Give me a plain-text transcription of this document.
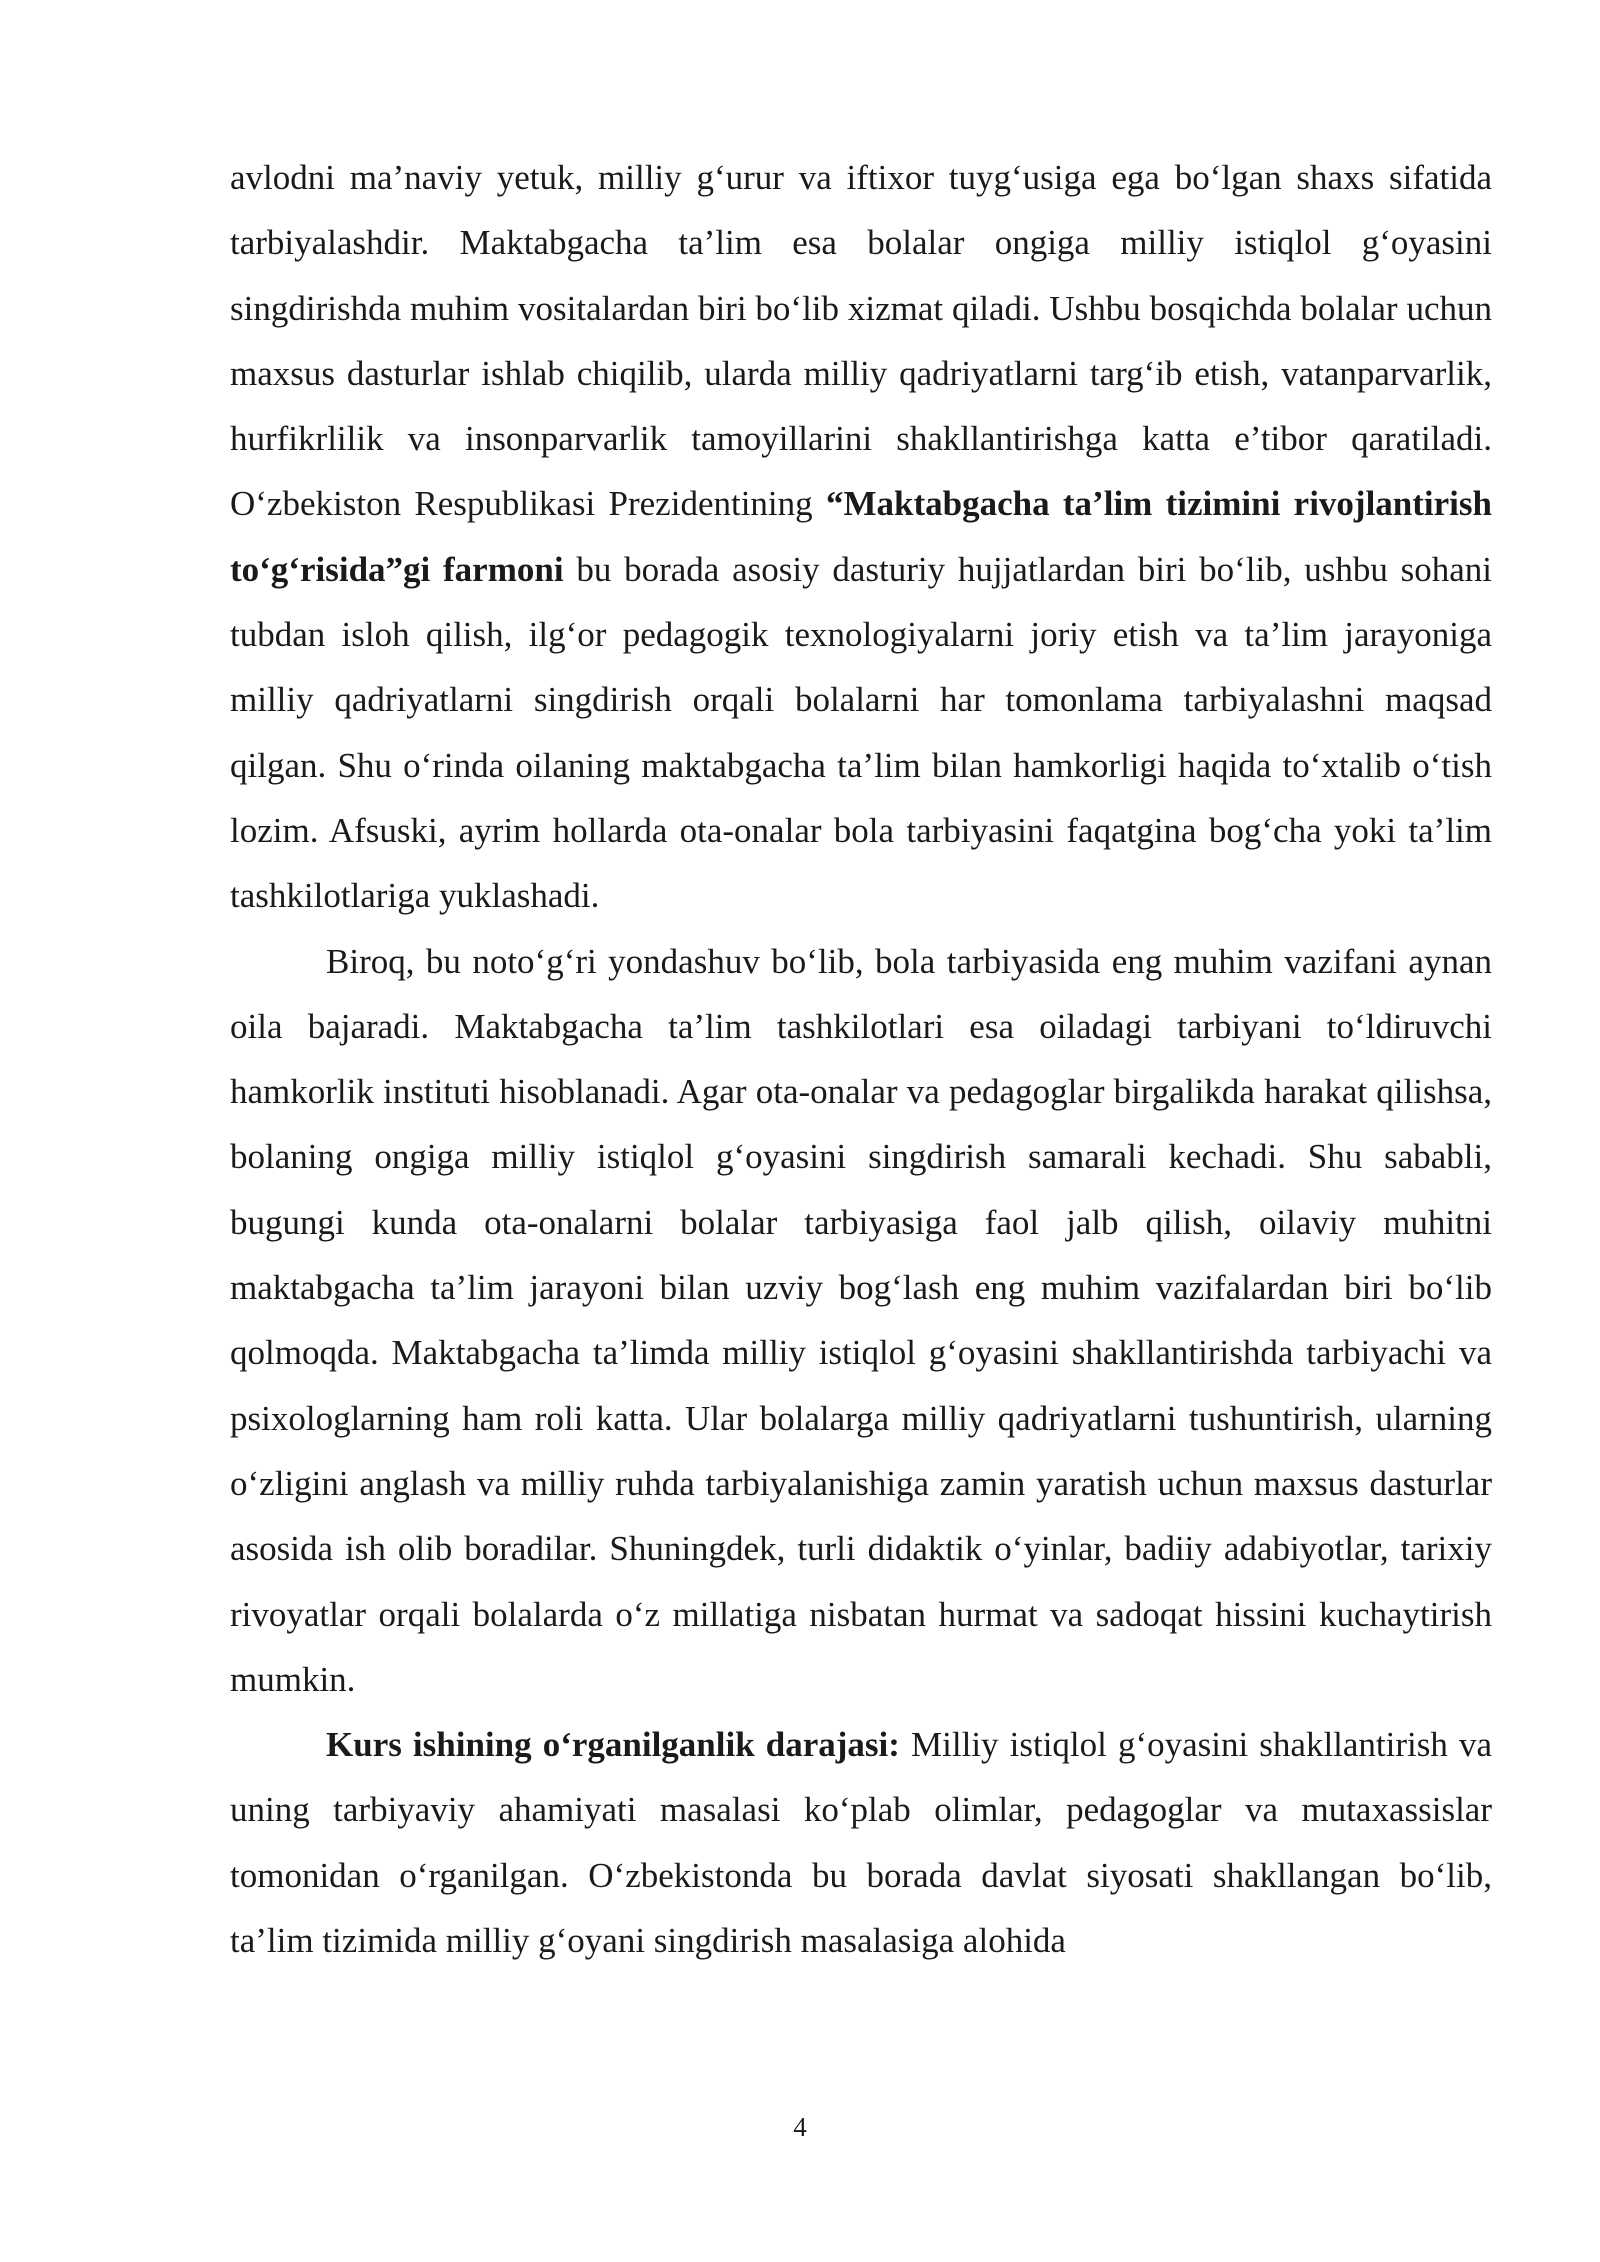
avlodni ma’naviy yetuk, milliy g‘urur va iftixor tuyg‘usiga ega bo‘lgan shaxs sifatida tarbiyalashdir. Maktabgacha ta’lim esa bolalar ongiga milliy istiqlol g‘oyasini singdirishda muhim vositalardan biri bo‘lib xizmat qiladi. Ushbu bosqichda bolalar uchun maxsus dasturlar ishlab chiqilib, ularda milliy qadriyatlarni targ‘ib etish, vatanparvarlik, hurfikrlilik va insonparvarlik tamoyillarini shakllantirishga katta e’tibor qaratiladi. O‘zbekiston Respublikasi Prezidentining “Maktabgacha ta’lim tizimini rivojlantirish to‘g‘risida”gi farmoni bu borada asosiy dasturiy hujjatlardan biri bo‘lib, ushbu sohani tubdan isloh qilish, ilg‘or pedagogik texnologiyalarni joriy etish va ta’lim jarayoniga milliy qadriyatlarni singdirish orqali bolalarni har tomonlama tarbiyalashni maqsad qilgan. Shu o‘rinda oilaning maktabgacha ta’lim bilan hamkorligi haqida to‘xtalib o‘tish lozim. Afsuski, ayrim hollarda ota-onalar bola tarbiyasini faqatgina bog‘cha yoki ta’lim tashkilotlariga yuklashadi.

Biroq, bu noto‘g‘ri yondashuv bo‘lib, bola tarbiyasida eng muhim vazifani aynan oila bajaradi. Maktabgacha ta’lim tashkilotlari esa oiladagi tarbiyani to‘ldiruvchi hamkorlik instituti hisoblanadi. Agar ota-onalar va pedagoglar birgalikda harakat qilishsa, bolaning ongiga milliy istiqlol g‘oyasini singdirish samarali kechadi. Shu sababli, bugungi kunda ota-onalarni bolalar tarbiyasiga faol jalb qilish, oilaviy muhitni maktabgacha ta’lim jarayoni bilan uzviy bog‘lash eng muhim vazifalardan biri bo‘lib qolmoqda. Maktabgacha ta’limda milliy istiqlol g‘oyasini shakllantirishda tarbiyachi va psixologlarning ham roli katta. Ular bolalarga milliy qadriyatlarni tushuntirish, ularning o‘zligini anglash va milliy ruhda tarbiyalanishiga zamin yaratish uchun maxsus dasturlar asosida ish olib boradilar. Shuningdek, turli didaktik o‘yinlar, badiiy adabiyotlar, tarixiy rivoyatlar orqali bolalarda o‘z millatiga nisbatan hurmat va sadoqat hissini kuchaytirish mumkin.

Kurs ishining o‘rganilganlik darajasi: Milliy istiqlol g‘oyasini shakllantirish va uning tarbiyaviy ahamiyati masalasi ko‘plab olimlar, pedagoglar va mutaxassislar tomonidan o‘rganilgan. O‘zbekistonda bu borada davlat siyosati shakllangan bo‘lib, ta’lim tizimida milliy g‘oyani singdirish masalasiga alohida

4
